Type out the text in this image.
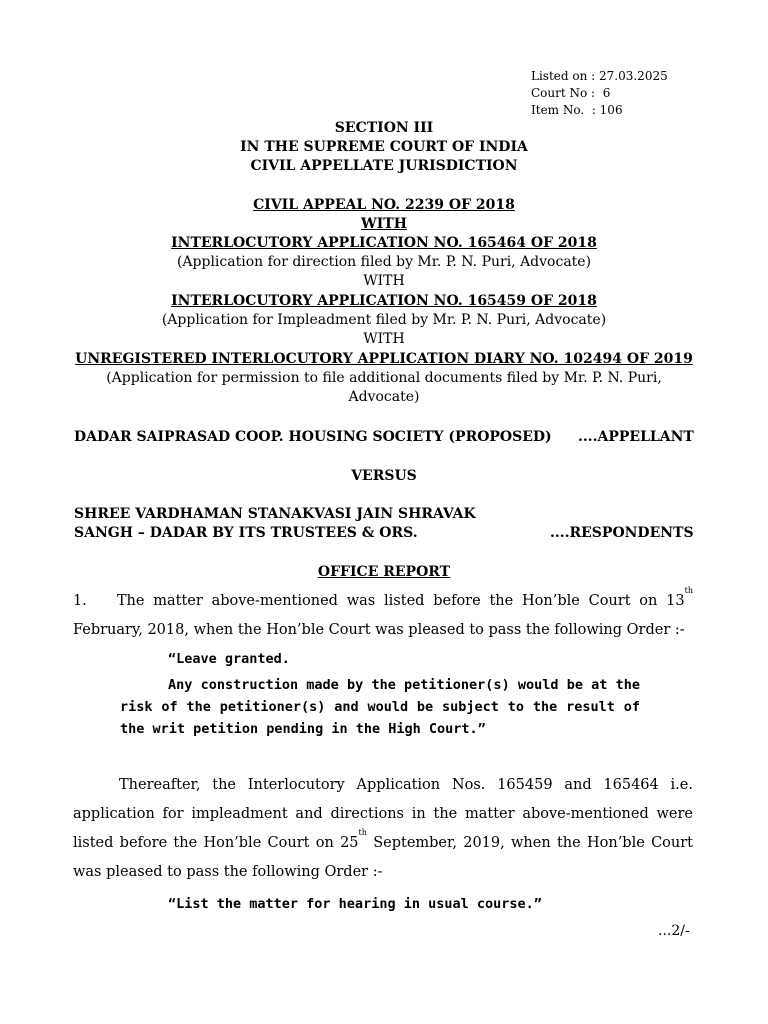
Listed on : 27.03.2025
Court No :  6
Item No.  : 106
SECTION III
IN THE SUPREME COURT OF INDIA
CIVIL APPELLATE JURISDICTION
CIVIL APPEAL NO. 2239 OF 2018
WITH
INTERLOCUTORY APPLICATION NO. 165464 OF 2018
(Application for direction filed by Mr. P. N. Puri, Advocate)
WITH
INTERLOCUTORY APPLICATION NO. 165459 OF 2018
(Application for Impleadment filed by Mr. P. N. Puri, Advocate)
WITH
UNREGISTERED INTERLOCUTORY APPLICATION DIARY NO. 102494 OF 2019
(Application for permission to file additional documents filed by Mr. P. N. Puri,
Advocate)
DADAR SAIPRASAD COOP. HOUSING SOCIETY (PROPOSED) ....APPELLANT
VERSUS
SHREE VARDHAMAN STANAKVASI JAIN SHRAVAK
SANGH – DADAR BY ITS TRUSTEES & ORS.	....RESPONDENTS
OFFICE REPORT
1. The matter above-mentioned was listed before the Hon’ble Court on 13th
February, 2018, when the Hon’ble Court was pleased to pass the following Order :-
“Leave granted.

Any construction made by the petitioner(s) would be at the risk of the petitioner(s) and would be subject to the result of the writ petition pending in the High Court.”

Thereafter, the Interlocutory Application Nos. 165459 and 165464 i.e. application for impleadment and directions in the matter above-mentioned were listed before the Hon’ble Court on 25th September, 2019, when the Hon’ble Court was pleased to pass the following Order :-
“List the matter for hearing in usual course.”
...2/-
